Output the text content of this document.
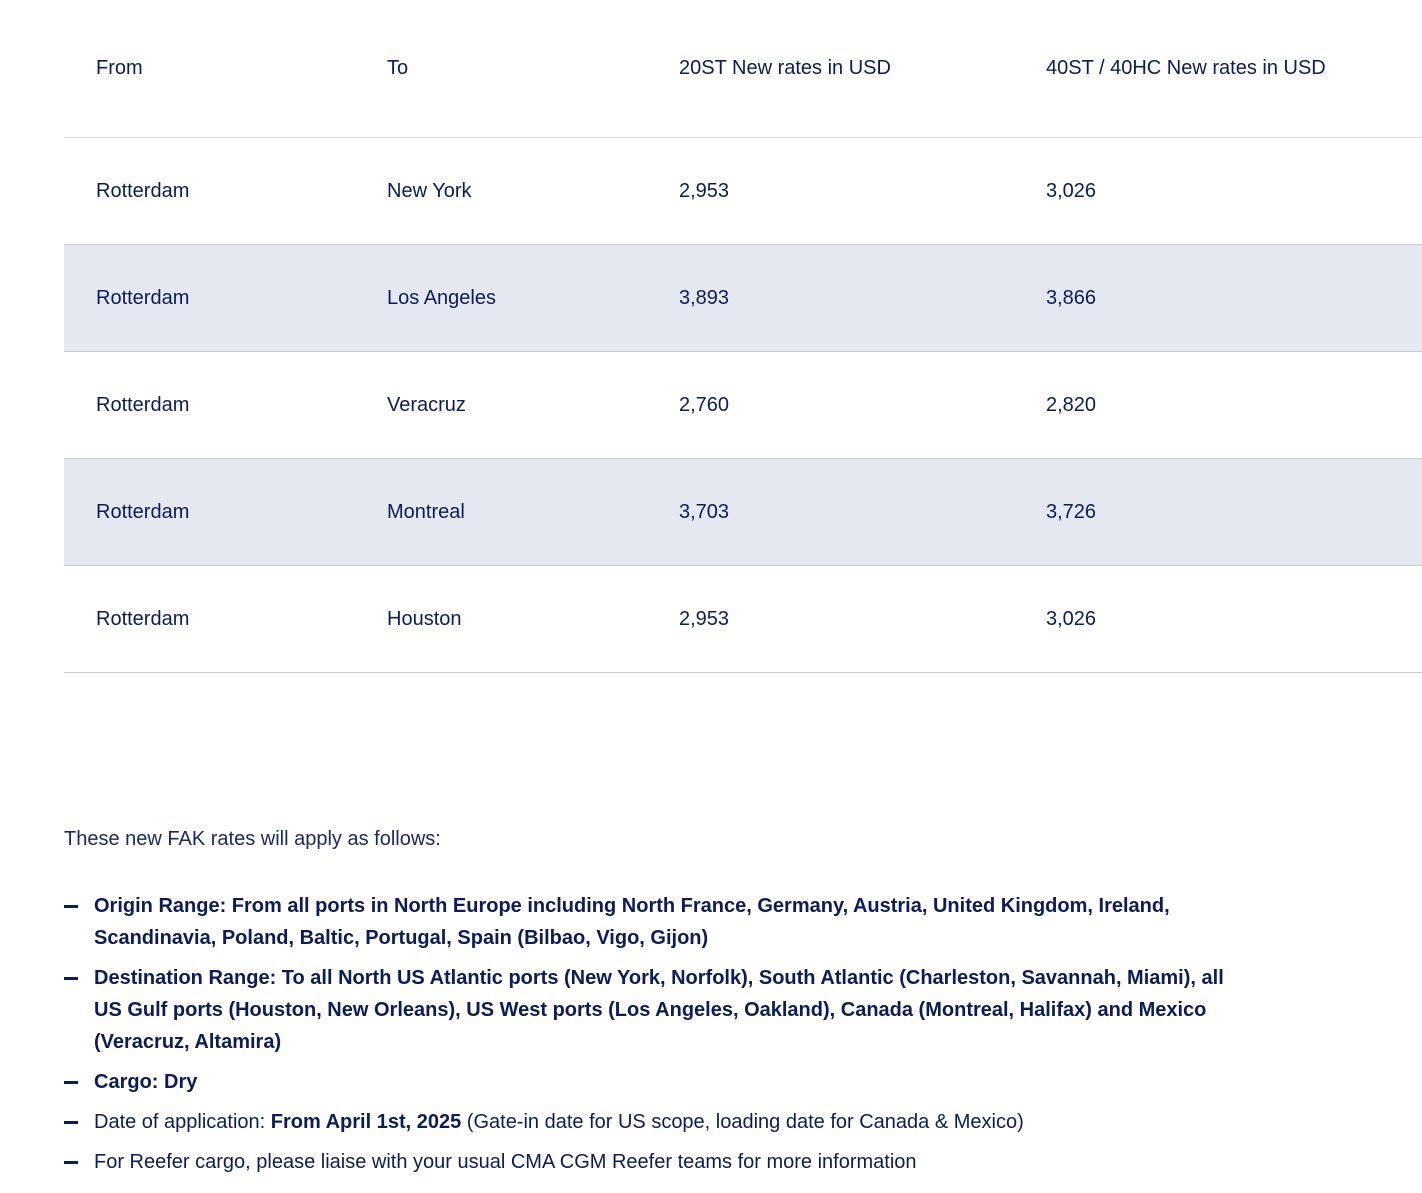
From	To	20ST New rates in USD	40ST / 40HC New rates in USD
Rotterdam	New York	2,953	3,026
Rotterdam	Los Angeles	3,893	3,866
Rotterdam	Veracruz	2,760	2,820
Rotterdam	Montreal	3,703	3,726
Rotterdam	Houston	2,953	3,026

These new FAK rates will apply as follows:

Origin Range: From all ports in North Europe including North France, Germany, Austria, United Kingdom, Ireland, Scandinavia, Poland, Baltic, Portugal, Spain (Bilbao, Vigo, Gijon)
Destination Range: To all North US Atlantic ports (New York, Norfolk), South Atlantic (Charleston, Savannah, Miami), all US Gulf ports (Houston, New Orleans), US West ports (Los Angeles, Oakland), Canada (Montreal, Halifax) and Mexico (Veracruz, Altamira)
Cargo: Dry
Date of application: From April 1st, 2025 (Gate-in date for US scope, loading date for Canada & Mexico)
For Reefer cargo, please liaise with your usual CMA CGM Reefer teams for more information
